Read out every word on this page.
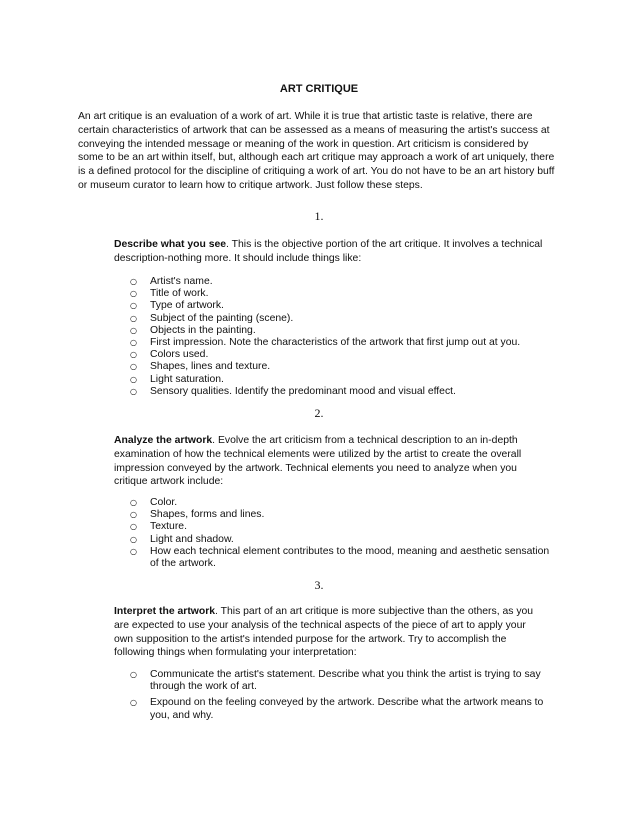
ART CRITIQUE

An art critique is an evaluation of a work of art. While it is true that artistic taste is relative, there are certain characteristics of artwork that can be assessed as a means of measuring the artist's success at conveying the intended message or meaning of the work in question. Art criticism is considered by some to be an art within itself, but, although each art critique may approach a work of art uniquely, there is a defined protocol for the discipline of critiquing a work of art. You do not have to be an art history buff or museum curator to learn how to critique artwork. Just follow these steps.

1.

Describe what you see. This is the objective portion of the art critique. It involves a technical description-nothing more. It should include things like:

○ Artist's name.
○ Title of work.
○ Type of artwork.
○ Subject of the painting (scene).
○ Objects in the painting.
○ First impression. Note the characteristics of the artwork that first jump out at you.
○ Colors used.
○ Shapes, lines and texture.
○ Light saturation.
○ Sensory qualities. Identify the predominant mood and visual effect.
2.

Analyze the artwork. Evolve the art criticism from a technical description to an in-depth examination of how the technical elements were utilized by the artist to create the overall impression conveyed by the artwork. Technical elements you need to analyze when you critique artwork include:

○ Color.
○ Shapes, forms and lines.
○ Texture.
○ Light and shadow.
○ How each technical element contributes to the mood, meaning and aesthetic sensation of the artwork.
3.

Interpret the artwork. This part of an art critique is more subjective than the others, as you are expected to use your analysis of the technical aspects of the piece of art to apply your own supposition to the artist's intended purpose for the artwork. Try to accomplish the following things when formulating your interpretation:

○ Communicate the artist's statement. Describe what you think the artist is trying to say through the work of art.
○ Expound on the feeling conveyed by the artwork. Describe what the artwork means to you, and why.
